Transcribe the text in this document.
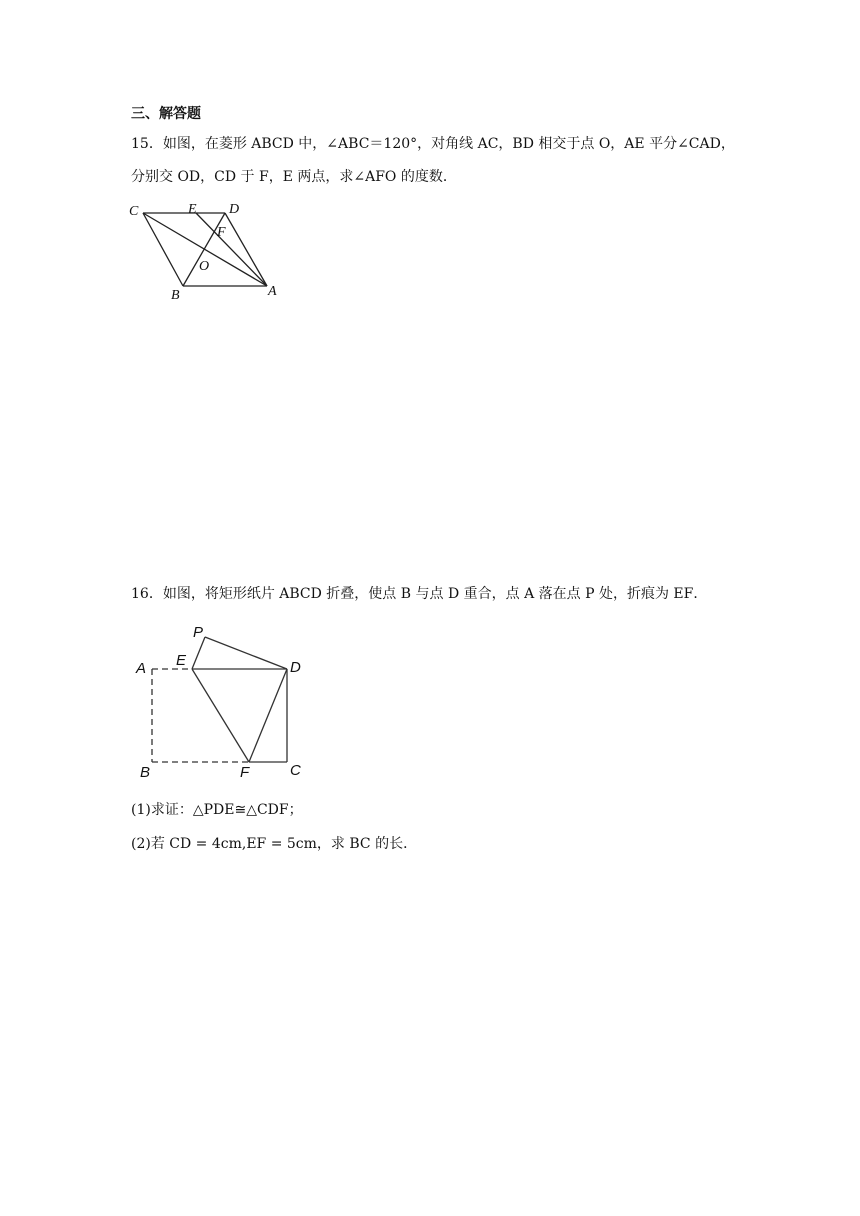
三、解答题
15．如图，在菱形 ABCD 中，∠ABC＝120°，对角线 AC，BD 相交于点 O，AE 平分∠CAD，
分别交 OD，CD 于 F，E 两点，求∠AFO 的度数．
C	E D
F
O
B	A
16．如图，将矩形纸片 ABCD 折叠，使点 B 与点 D 重合，点 A 落在点 P 处，折痕为 EF．
P
A E	D
B	F	C
(1)求证：△PDE≅△CDF；
(2)若 CD = 4cm,EF = 5cm，求 BC 的长．
